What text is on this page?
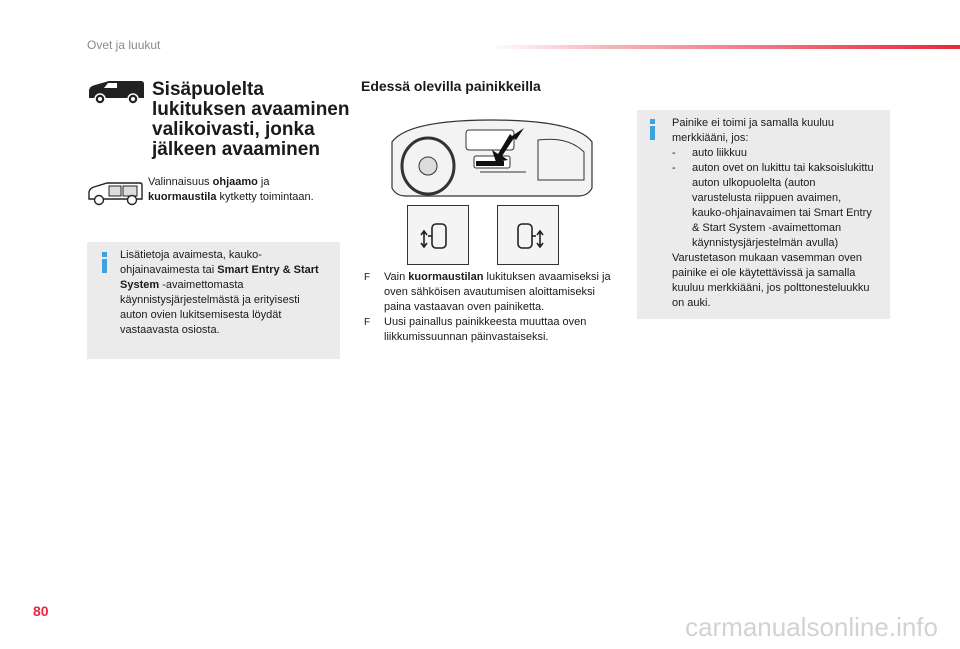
Ovet ja luukut
Sisäpuolelta lukituksen avaaminen valikoivasti, jonka jälkeen avaaminen
Valinnaisuus ohjaamo ja
kuormaustila kytketty toimintaan.
Lisätietoja avaimesta, kauko-ohjainavaimesta tai Smart Entry & Start System -avaimettomasta käynnistysjärjestelmästä ja erityisesti auton ovien lukitsemisesta löydät vastaavasta osiosta.
Edessä olevilla painikkeilla
F Vain kuormaustilan lukituksen avaamiseksi ja oven sähköisen avautumisen aloittamiseksi paina vastaavan oven painiketta.
F Uusi painallus painikkeesta muuttaa oven liikkumissuunnan päinvastaiseksi.
Painike ei toimi ja samalla kuuluu merkkiääni, jos:
- auto liikkuu
- auton ovet on lukittu tai kaksoislukittu auton ulkopuolelta (auton varustelusta riippuen avaimen, kauko-ohjainavaimen tai Smart Entry & Start System -avaimettoman käynnistysjärjestelmän avulla)
Varustetason mukaan vasemman oven painike ei ole käytettävissä ja samalla kuuluu merkkiääni, jos polttonesteluukku on auki.
80
carmanualsonline.info
